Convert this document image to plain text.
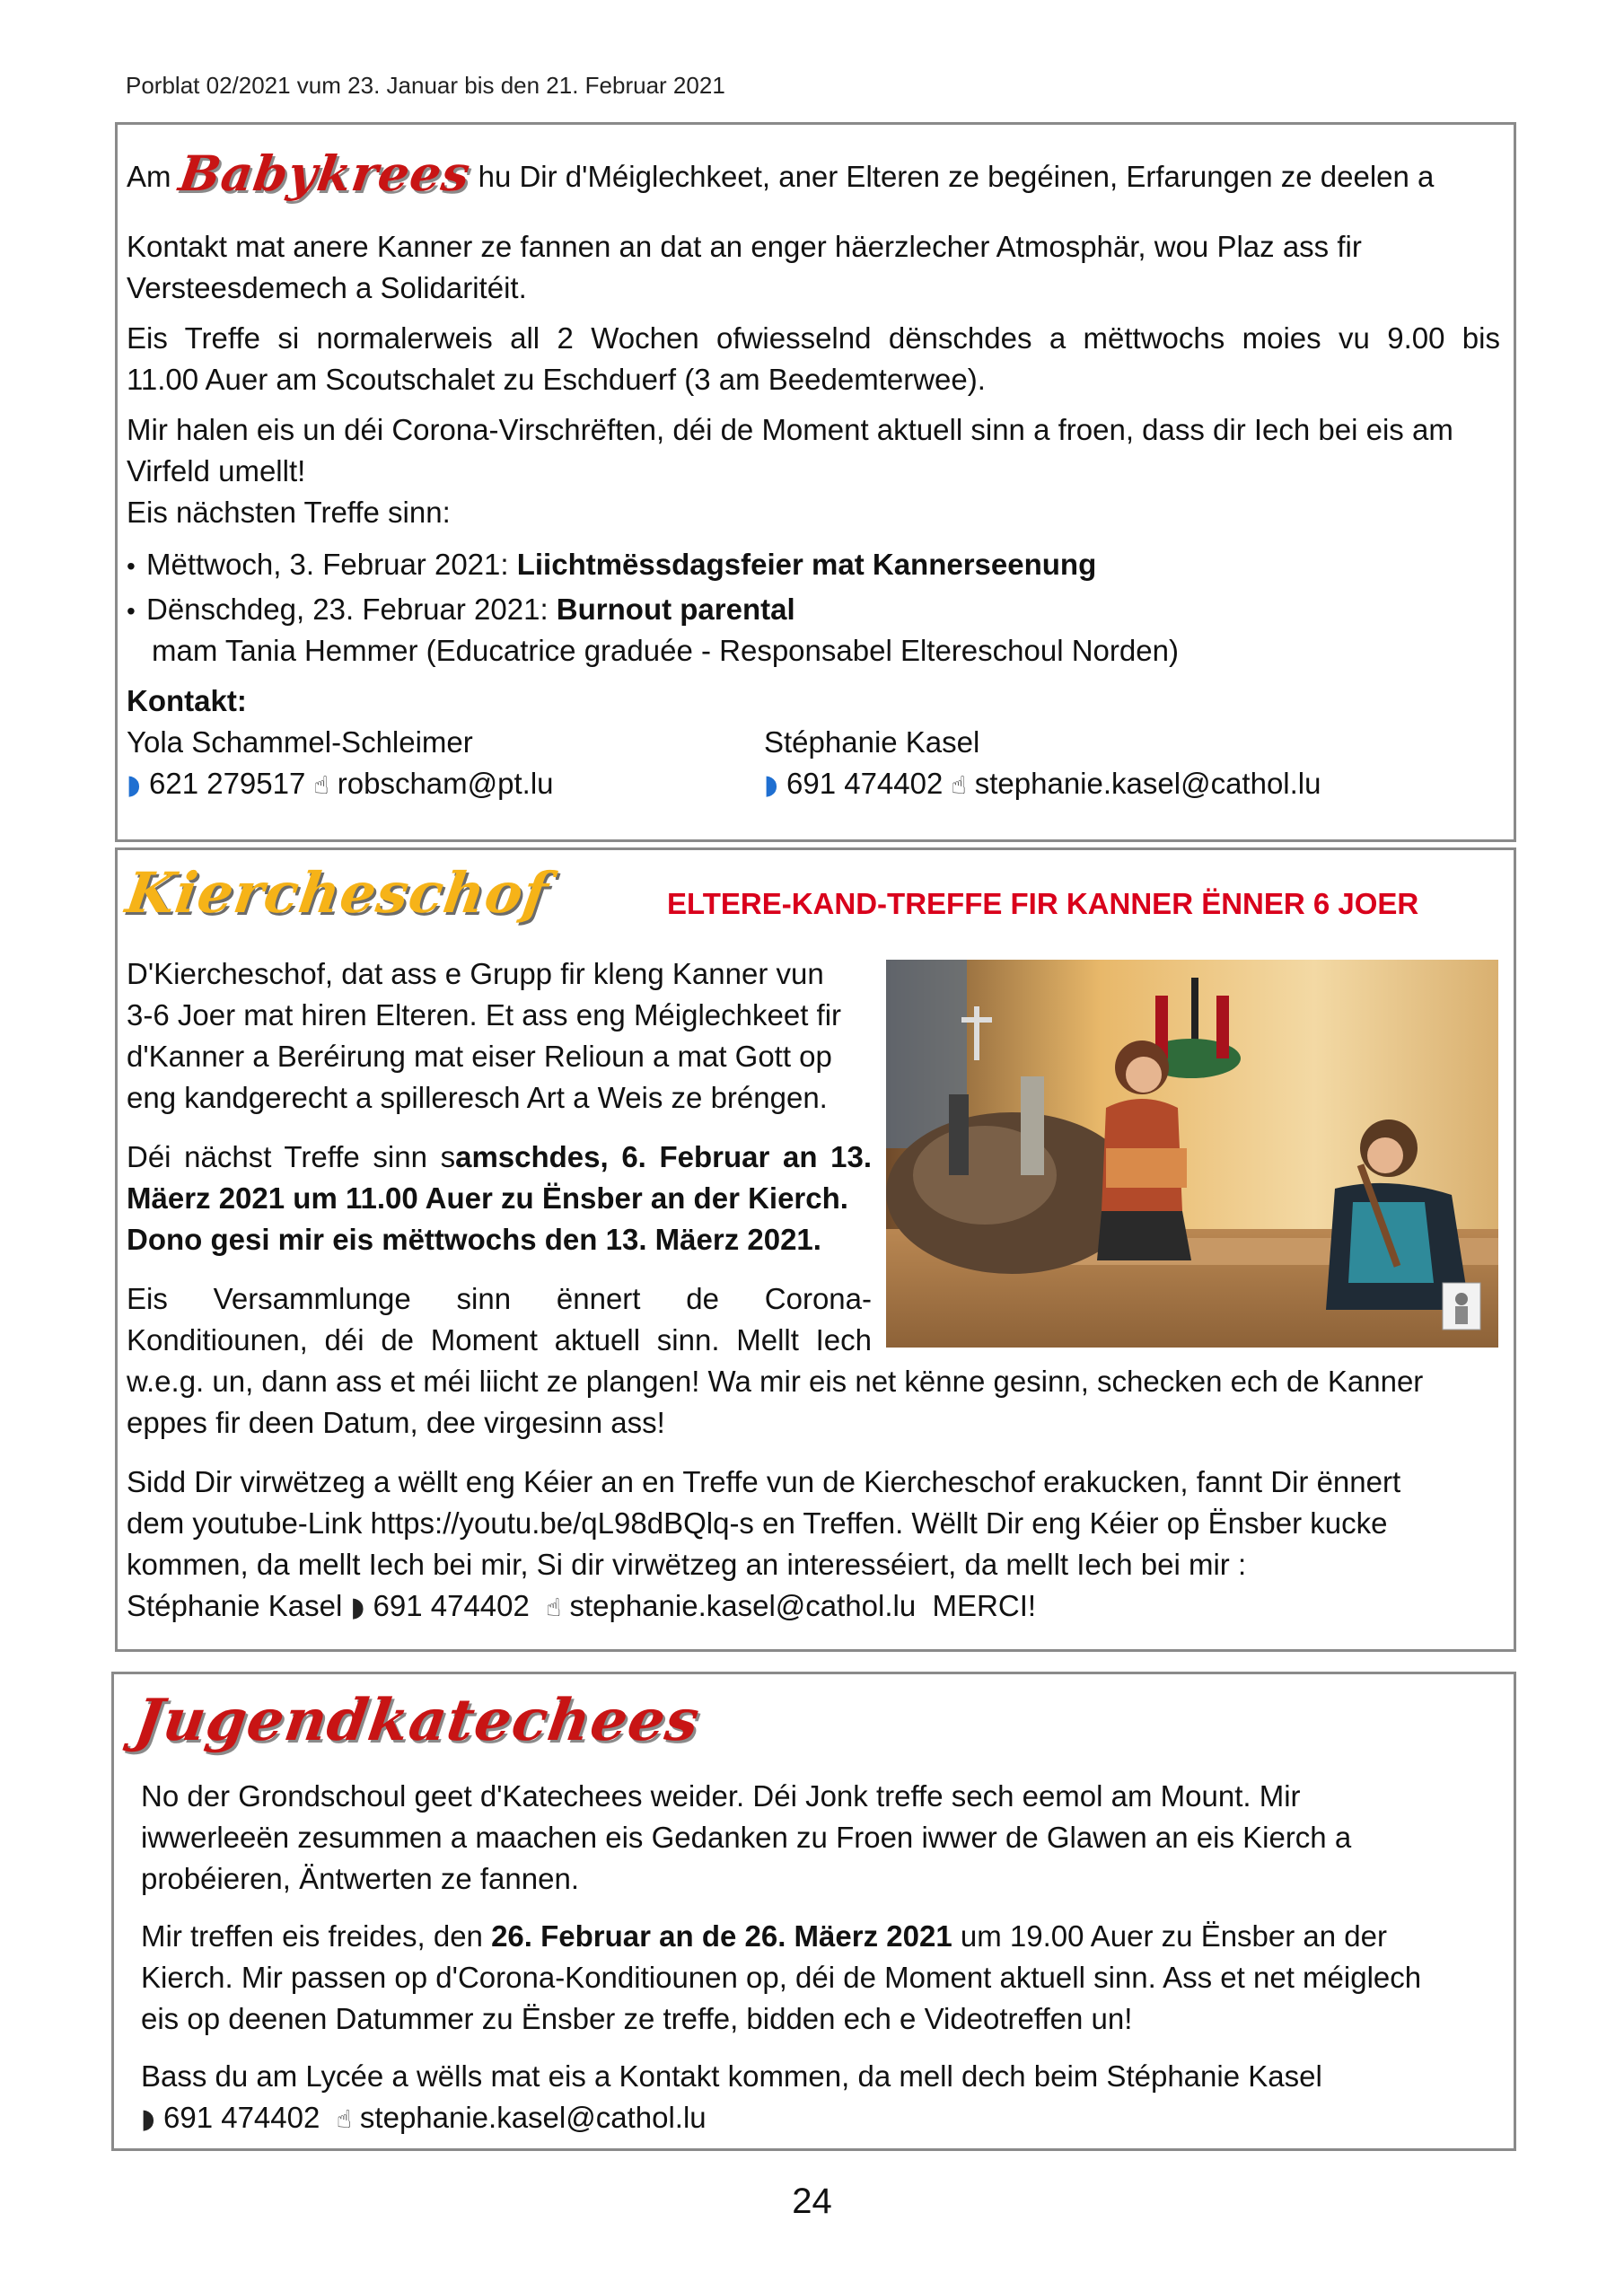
Porblat 02/2021 vum 23. Januar bis den 21. Februar 2021
Am Babykrees hu Dir d'Méiglechkeet, aner Elteren ze begéinen, Erfarungen ze deelen a
Kontakt mat anere Kanner ze fannen an dat an enger häerzlecher Atmosphär, wou Plaz ass fir
Versteesdemech a Solidaritéit.
Eis Treffe si normalerweis all 2 Wochen ofwiesselnd dënschdes a mëttwochs moies vu 9.00 bis
11.00 Auer am Scoutschalet zu Eschduerf (3 am Beedemterwee).
Mir halen eis un déi Corona-Virschrëften, déi de Moment aktuell sinn a froen, dass dir Iech bei eis am
Virfeld umellt!
Eis nächsten Treffe sinn:
• Mëttwoch, 3. Februar 2021: Liichtmëssdagsfeier mat Kannerseenung
• Dënschdeg, 23. Februar 2021: Burnout parental
mam Tania Hemmer (Educatrice graduée - Responsabel Eltereschoul Norden)
Kontakt:
Yola Schammel-Schleimer
◗ 621 279517 ☝ robscham@pt.lu
Stéphanie Kasel
◗ 691 474402 ☝ stephanie.kasel@cathol.lu
Kiercheschof	ELTERE-KAND-TREFFE FIR KANNER ËNNER 6 JOER
D'Kiercheschof, dat ass e Grupp fir kleng Kanner vun
3-6 Joer mat hiren Elteren. Et ass eng Méiglechkeet fir
d'Kanner a Beréirung mat eiser Relioun a mat Gott op
eng kandgerecht a spilleresch Art a Weis ze bréngen.
Déi nächst Treffe sinn samschdes, 6. Februar an 13.
Mäerz 2021 um 11.00 Auer zu Ënsber an der Kierch.
Dono gesi mir eis mëttwochs den 13. Mäerz 2021.
Eis Versammlunge sinn ënnert de Corona-
Konditiounen, déi de Moment aktuell sinn. Mellt Iech
w.e.g. un, dann ass et méi liicht ze plangen! Wa mir eis net kënne gesinn, schecken ech de Kanner
eppes fir deen Datum, dee virgesinn ass!
Sidd Dir virwëtzeg a wëllt eng Kéier an en Treffe vun de Kiercheschof erakucken, fannt Dir ënnert
dem youtube-Link https://youtu.be/qL98dBQlq-s en Treffen. Wëllt Dir eng Kéier op Ënsber kucke
kommen, da mellt Iech bei mir, Si dir virwëtzeg an interesséiert, da mellt Iech bei mir :
Stéphanie Kasel ◗ 691 474402 ☝ stephanie.kasel@cathol.lu MERCI!
Jugendkatechees
No der Grondschoul geet d'Katechees weider. Déi Jonk treffe sech eemol am Mount. Mir
iwwerleeën zesummen a maachen eis Gedanken zu Froen iwwer de Glawen an eis Kierch a
probéieren, Äntwerten ze fannen.
Mir treffen eis freides, den 26. Februar an de 26. Mäerz 2021 um 19.00 Auer zu Ënsber an der
Kierch. Mir passen op d'Corona-Konditiounen op, déi de Moment aktuell sinn. Ass et net méiglech
eis op deenen Datummer zu Ënsber ze treffe, bidden ech e Videotreffen un!
Bass du am Lycée a wëlls mat eis a Kontakt kommen, da mell dech beim Stéphanie Kasel
◗ 691 474402 ☝ stephanie.kasel@cathol.lu
24
